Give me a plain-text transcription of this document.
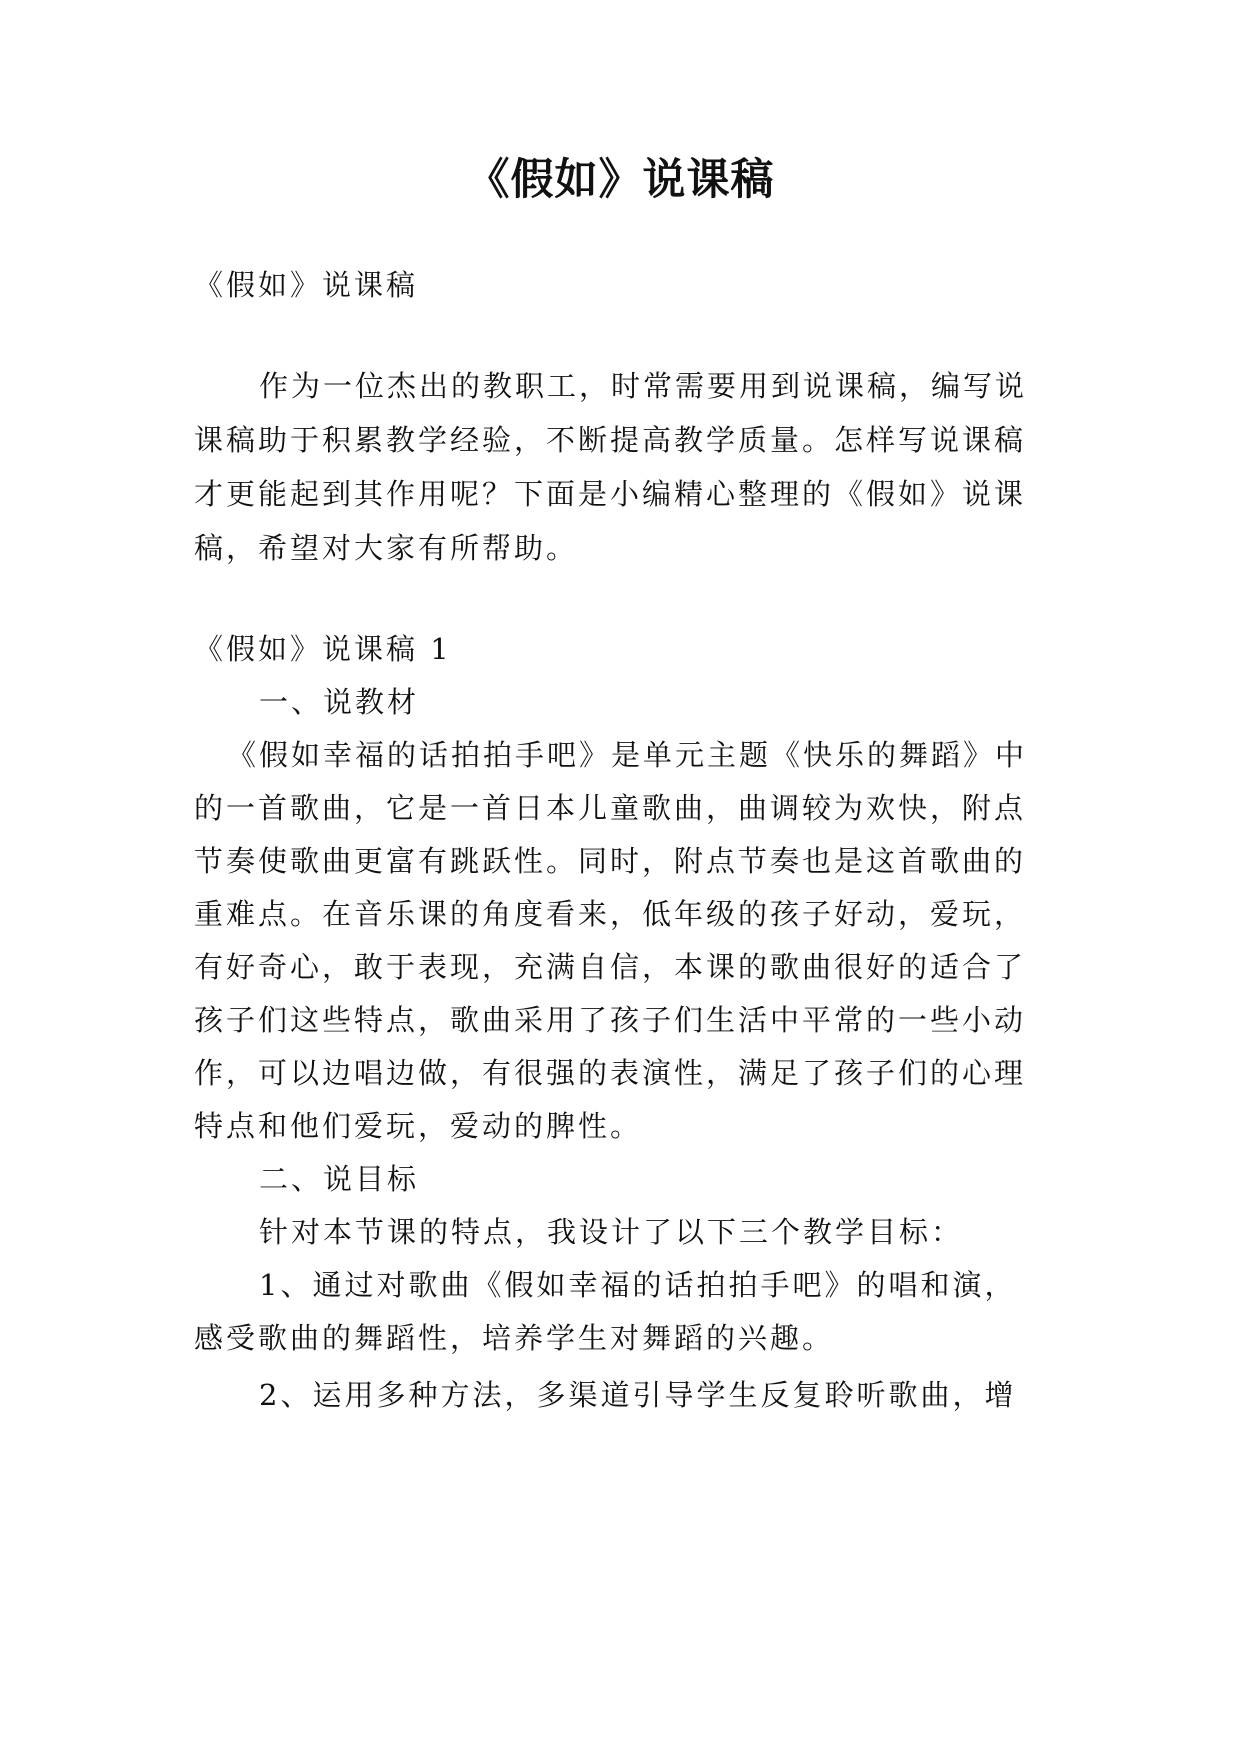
《假如》说课稿

《假如》说课稿

作为一位杰出的教职工，时常需要用到说课稿，编写说

课稿助于积累教学经验，不断提高教学质量。怎样写说课稿

才更能起到其作用呢？下面是小编精心整理的《假如》说课

稿，希望对大家有所帮助。

《假如》说课稿 1

一、说教材

《假如幸福的话拍拍手吧》是单元主题《快乐的舞蹈》中

的一首歌曲，它是一首日本儿童歌曲，曲调较为欢快，附点

节奏使歌曲更富有跳跃性。同时，附点节奏也是这首歌曲的

重难点。在音乐课的角度看来，低年级的孩子好动，爱玩，

有好奇心，敢于表现，充满自信，本课的歌曲很好的适合了

孩子们这些特点，歌曲采用了孩子们生活中平常的一些小动

作，可以边唱边做，有很强的表演性，满足了孩子们的心理

特点和他们爱玩，爱动的脾性。

二、说目标

针对本节课的特点，我设计了以下三个教学目标：

1、通过对歌曲《假如幸福的话拍拍手吧》的唱和演，

感受歌曲的舞蹈性，培养学生对舞蹈的兴趣。

2、运用多种方法，多渠道引导学生反复聆听歌曲，增
